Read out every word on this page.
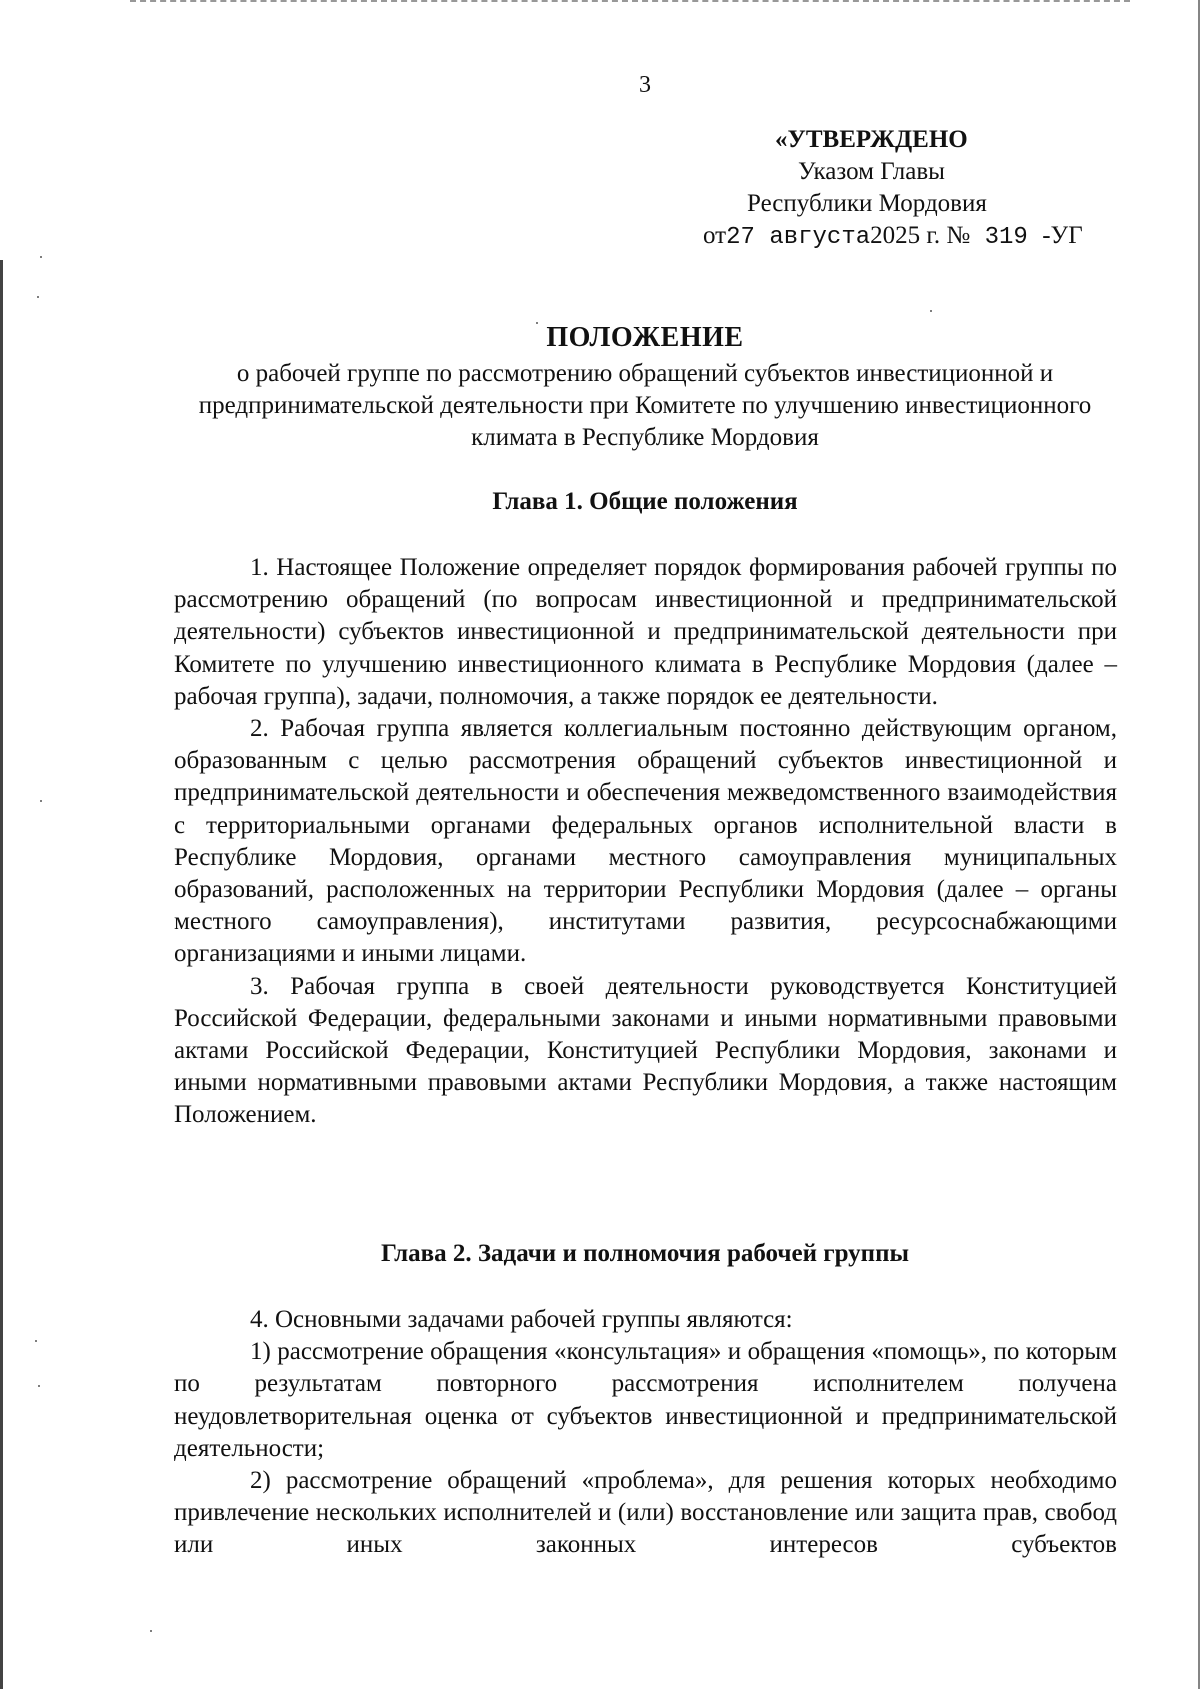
3
«УТВЕРЖДЕНО
Указом Главы
Республики Мордовия
от27 августа2025 г. № 319 -УГ
ПОЛОЖЕНИЕ
о рабочей группе по рассмотрению обращений субъектов инвестиционной и предпринимательской деятельности при Комитете по улучшению инвестиционного климата в Республике Мордовия
Глава 1. Общие положения

1. Настоящее Положение определяет порядок формирования рабочей группы по рассмотрению обращений (по вопросам инвестиционной и предпринимательской деятельности) субъектов инвестиционной и предпринимательской деятельности при Комитете по улучшению инвестиционного климата в Республике Мордовия (далее – рабочая группа), задачи, полномочия, а также порядок ее деятельности.

2. Рабочая группа является коллегиальным постоянно действующим органом, образованным с целью рассмотрения обращений субъектов инвестиционной и предпринимательской деятельности и обеспечения межведомственного взаимодействия с территориальными органами федеральных органов исполнительной власти в Республике Мордовия, органами местного самоуправления муниципальных образований, расположенных на территории Республики Мордовия (далее – органы местного самоуправления), институтами развития, ресурсоснабжающими организациями и иными лицами.

3. Рабочая группа в своей деятельности руководствуется Конституцией Российской Федерации, федеральными законами и иными нормативными правовыми актами Российской Федерации, Конституцией Республики Мордовия, законами и иными нормативными правовыми актами Республики Мордовия, а также настоящим Положением.

Глава 2. Задачи и полномочия рабочей группы

4. Основными задачами рабочей группы являются:

1) рассмотрение обращения «консультация» и обращения «помощь», по которым по результатам повторного рассмотрения исполнителем получена неудовлетворительная оценка от субъектов инвестиционной и предпринимательской деятельности;

2) рассмотрение обращений «проблема», для решения которых необходимо привлечение нескольких исполнителей и (или) восстановление или защита прав, свобод или иных законных интересов субъектов
